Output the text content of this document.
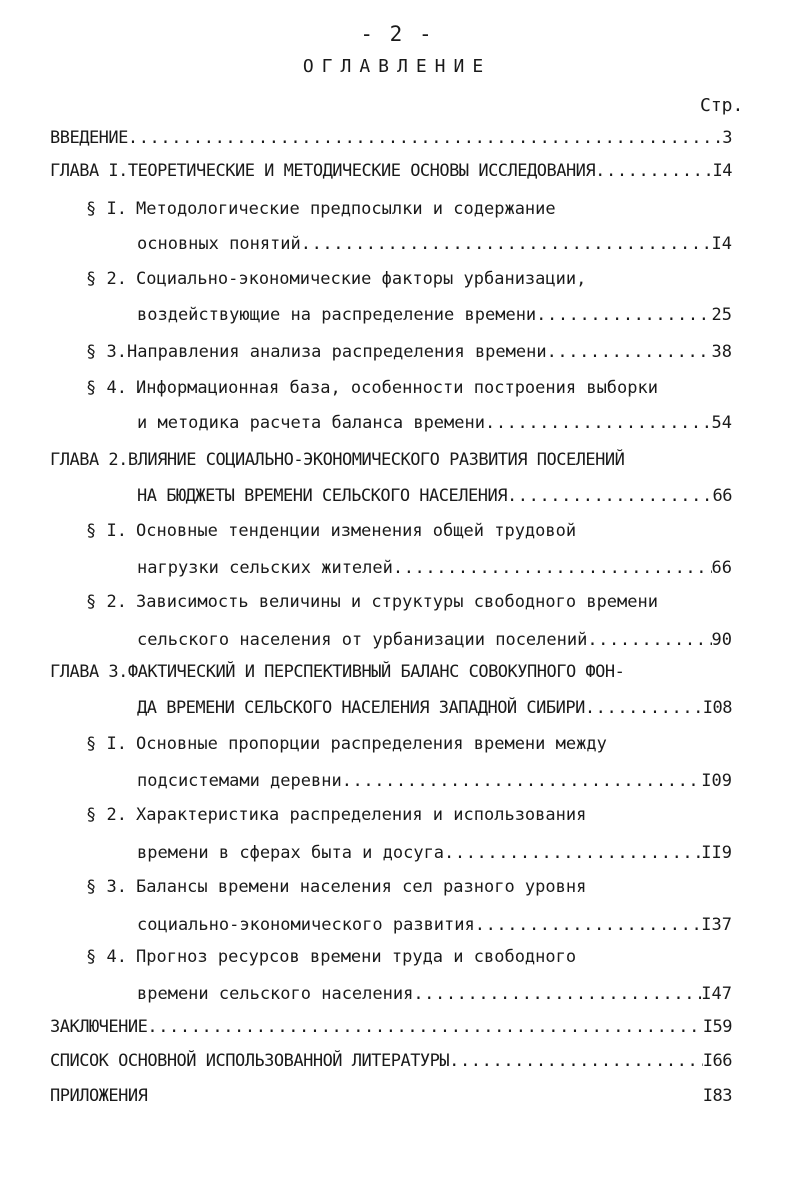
- 2 -
ОГЛАВЛЕНИЕ
Стр.
ВВЕДЕНИЕ .....	3
ГЛАВА I.ТЕОРЕТИЧЕСКИЕ И МЕТОДИЧЕСКИЕ ОСНОВЫ ИССЛЕДОВАНИЯ .....	I4
§ I. Методологические предпосылки и содержание
основных понятий .....	I4
§ 2. Социально-экономические факторы урбанизации,
воздействующие на распределение времени .....	25
§ 3. Направления анализа распределения времени .....	38
§ 4. Информационная база, особенности построения выборки
и методика расчета баланса времени .....	54
ГЛАВА 2.ВЛИЯНИЕ СОЦИАЛЬНО-ЭКОНОМИЧЕСКОГО РАЗВИТИЯ ПОСЕЛЕНИЙ
НА БЮДЖЕТЫ ВРЕМЕНИ СЕЛЬСКОГО НАСЕЛЕНИЯ .....	66
§ I. Основные тенденции изменения общей трудовой
нагрузки сельских жителей .....	66
§ 2. Зависимость величины и структуры свободного времени
сельского населения от урбанизации поселений .....	90
ГЛАВА 3.ФАКТИЧЕСКИЙ И ПЕРСПЕКТИВНЫЙ БАЛАНС СОВОКУПНОГО ФОН-
ДА ВРЕМЕНИ СЕЛЬСКОГО НАСЕЛЕНИЯ ЗАПАДНОЙ СИБИРИ .....	I08
§ I. Основные пропорции распределения времени между
подсистемами деревни .....	I09
§ 2. Характеристика распределения и использования
времени в сферах быта и досуга .....	II9
§ 3. Балансы времени населения сел разного уровня
социально-экономического развития .....	I37
§ 4. Прогноз ресурсов времени труда и свободного
времени сельского населения .....	I47
ЗАКЛЮЧЕНИЕ .....	I59
СПИСОК ОСНОВНОЙ ИСПОЛЬЗОВАННОЙ ЛИТЕРАТУРЫ .....	I66
ПРИЛОЖЕНИЯ	I83
